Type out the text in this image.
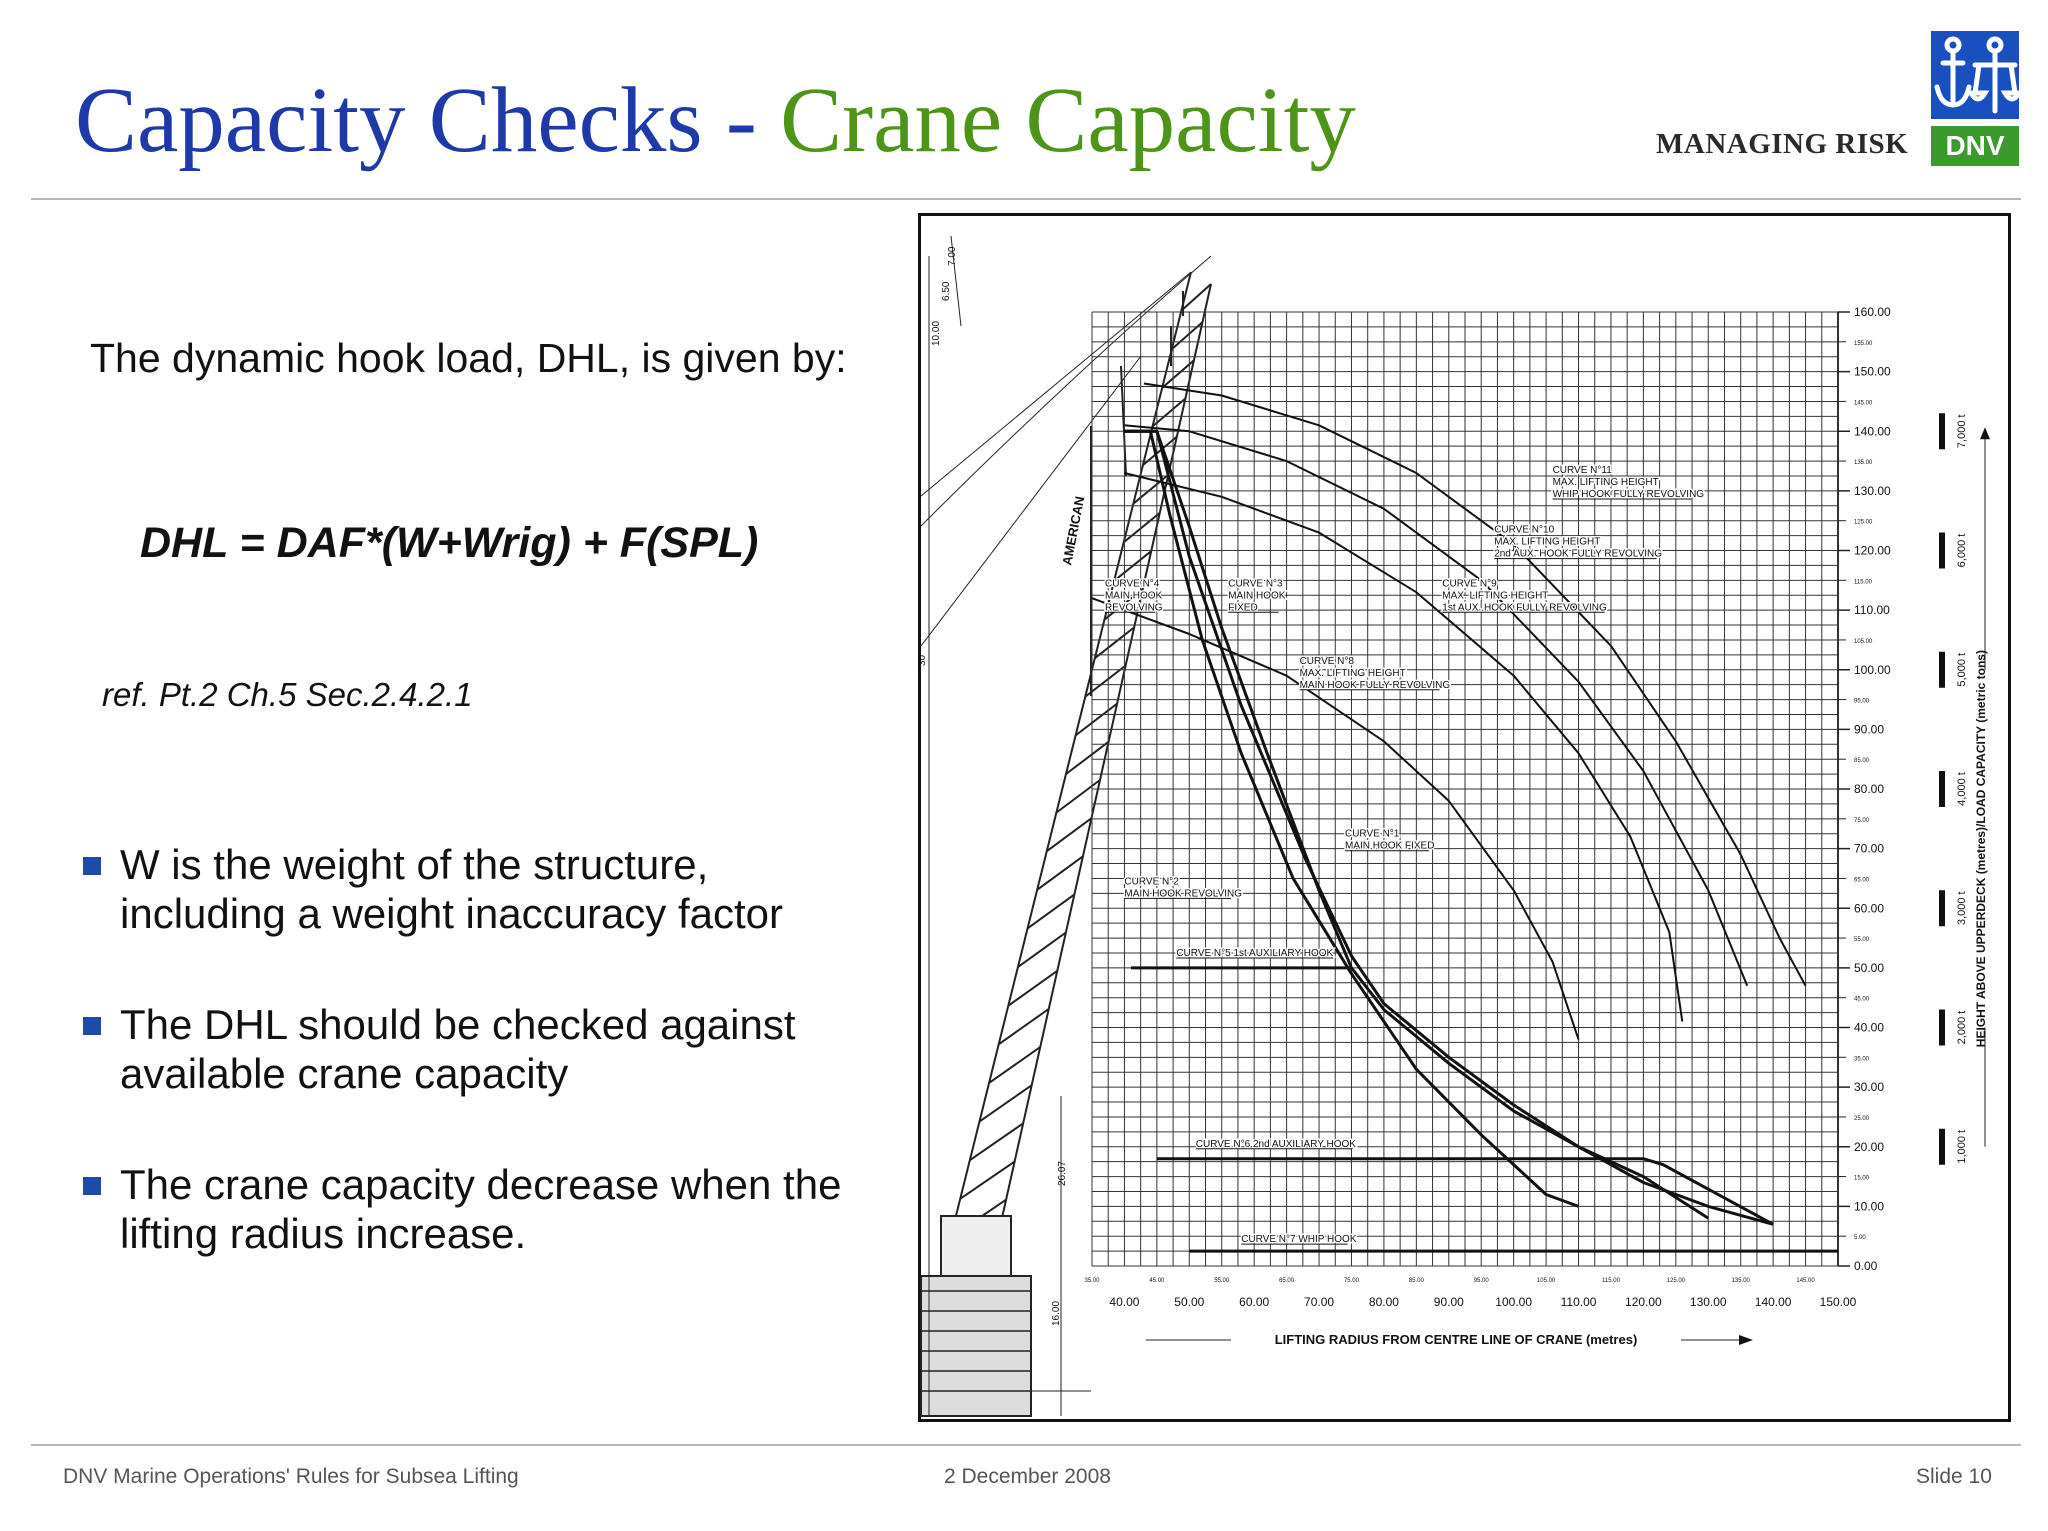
Capacity Checks - Crane Capacity	MANAGING RISK	DNV

The dynamic hook load, DHL, is given by:

DHL = DAF*(W+Wrig) + F(SPL)

ref. Pt.2 Ch.5 Sec.2.4.2.1

W is the weight of the structure, including a weight inaccuracy factor
The DHL should be checked against available crane capacity
The crane capacity decrease when the lifting radius increase.
AMERICAN
7.00
6.50
10.00
26.07
16.00
30
40.00	50.00	60.00	70.00	80.00	90.00	100.00 110.00 120.00 130.00 140.00 150.00
35.00	45.00	55.00	65.00	75.00	85.00	95.00	105.00	115.00	125.00	135.00	145.00
160.00
150.00
140.00
130.00
120.00
110.00
100.00
90.00
80.00
70.00
60.00
50.00
40.00
30.00
20.00
10.00
0.00
155.00
145.00
135.00
125.00
115.00
105.00
95.00
85.00
75.00
65.00
55.00
45.00
35.00
25.00
15.00
5.00
7,000 t
6,000 t
5,000 t
4,000 t
3,000 t
2,000 t
1,000 t
HEIGHT ABOVE UPPERDECK (metres)/LOAD CAPACITY (metric tons)
LIFTING RADIUS FROM CENTRE LINE OF CRANE (metres)
CURVE N°11
MAX. LIFTING HEIGHT
WHIP HOOK FULLY REVOLVING
CURVE N°10
MAX. LIFTING HEIGHT
2nd AUX. HOOK FULLY REVOLVING
CURVE N°9
MAX. LIFTING HEIGHT
1st AUX. HOOK FULLY REVOLVING
CURVE N°8
MAX. LIFTING HEIGHT
MAIN HOOK FULLY REVOLVING
CURVE N°4
MAIN HOOK
REVOLVING
CURVE N°3
MAIN HOOK
FIXED
CURVE N°1
MAIN HOOK FIXED
CURVE N°2
MAIN HOOK REVOLVING
CURVE N°5 1st AUXILIARY HOOK
CURVE N°6 2nd AUXILIARY HOOK
CURVE N°7 WHIP HOOK
DNV Marine Operations' Rules for Subsea Lifting	2 December 2008	Slide 10
